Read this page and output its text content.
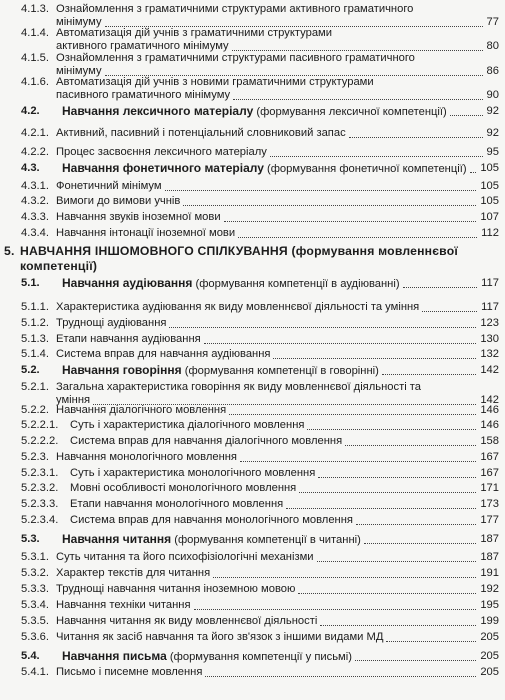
4.1.3. Ознайомлення з граматичними структурами активного граматичного
мінімуму	77
4.1.4. Автоматизація дій учнів з граматичними структурами
активного граматичного мінімуму	80
4.1.5. Ознайомлення з граматичними структурами пасивного граматичного
мінімуму	86
4.1.6. Автоматизація дій учнів з новими граматичними структурами
пасивного граматичного мінімуму	90
4.2. Навчання лексичного матеріалу (формування лексичної компетенції)	92
4.2.1. Активний, пасивний і потенціальний словниковий запас	92
4.2.2. Процес засвоєння лексичного матеріалу	95
4.3. Навчання фонетичного матеріалу (формування фонетичної компетенції) 105
4.3.1. Фонетичний мінімум	105
4.3.2. Вимоги до вимови учнів	105
4.3.3. Навчання звуків іноземної мови	107
4.3.4. Навчання інтонації іноземної мови	112
5. НАВЧАННЯ ІНШОМОВНОГО СПІЛКУВАННЯ (формування мовленнєвої
компетенції)
5.1. Навчання аудіювання (формування компетенції в аудіюванні)	117
5.1.1. Характеристика аудіювання як виду мовленнєвої діяльності та уміння	117
5.1.2. Труднощі аудіювання	123
5.1.3. Етапи навчання аудіювання	130
5.1.4. Система вправ для навчання аудіювання	132
5.2. Навчання говоріння (формування компетенції в говорінні)	142
5.2.1. Загальна характеристика говоріння як виду мовленнєвої діяльності та
уміння	142
5.2.2. Навчання діалогічного мовлення	146
5.2.2.1. Суть і характеристика діалогічного мовлення	146
5.2.2.2. Система вправ для навчання діалогічного мовлення	158
5.2.3. Навчання монологічного мовлення	167
5.2.3.1. Суть і характеристика монологічного мовлення	167
5.2.3.2. Мовні особливості монологічного мовлення	171
5.2.3.3. Етапи навчання монологічного мовлення	173
5.2.3.4. Система вправ для навчання монологічного мовлення	177
5.3. Навчання читання (формування компетенції в читанні)	187
5.3.1. Суть читання та його психофізіологічні механізми	187
5.3.2. Характер текстів для читання	191
5.3.3. Труднощі навчання читання іноземною мовою	192
5.3.4. Навчання техніки читання	195
5.3.5. Навчання читання як виду мовленнєвої діяльності	199
5.3.6. Читання як засіб навчання та його зв'язок з іншими видами МД	205
5.4. Навчання письма (формування компетенції у письмі)	205
5.4.1. Письмо і писемне мовлення	205
